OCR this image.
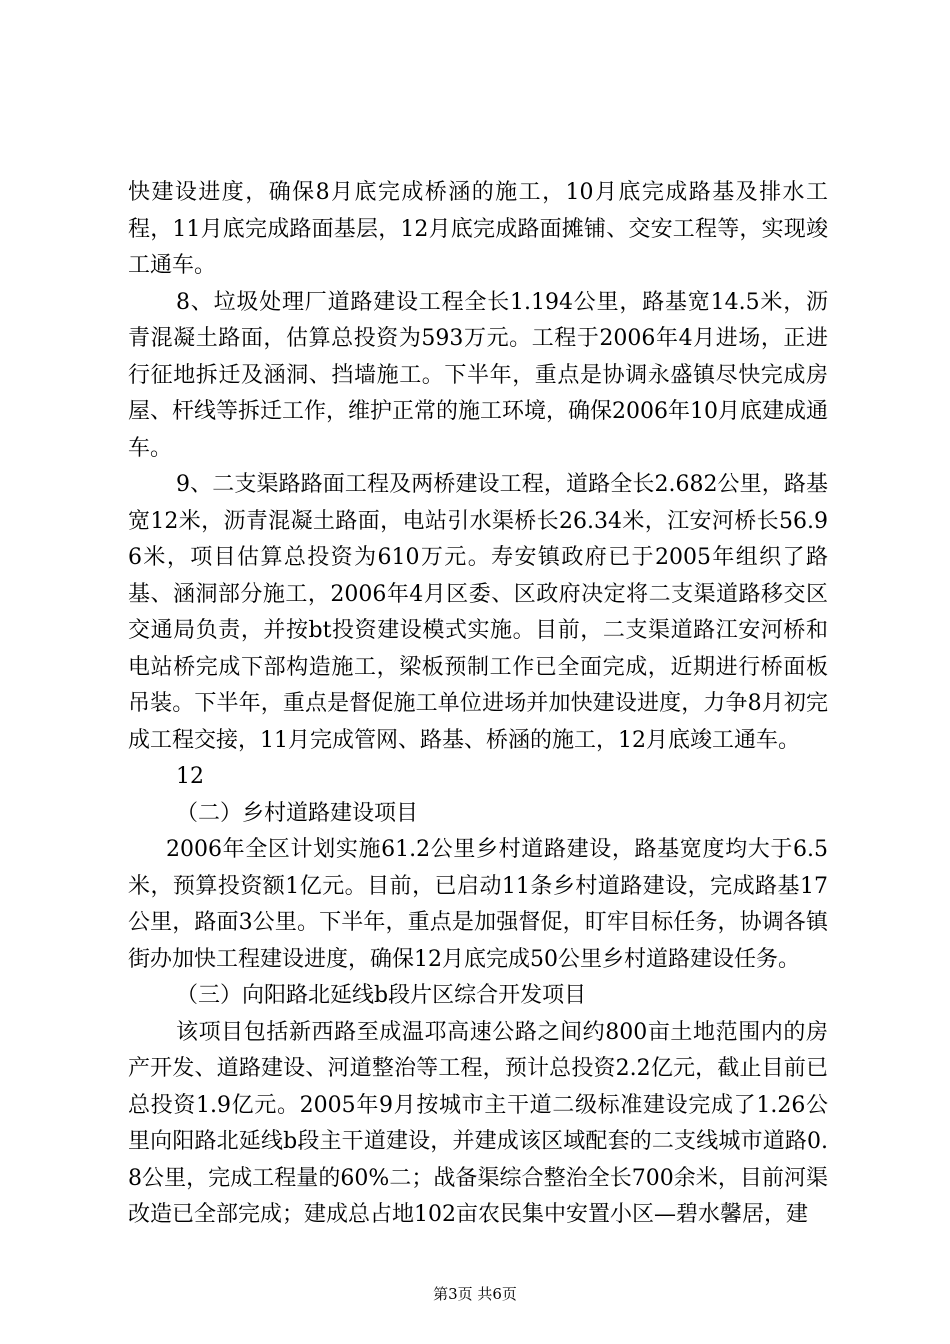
快建设进度，确保8月底完成桥涵的施工，10月底完成路基及排水工程，11月底完成路面基层，12月底完成路面摊铺、交安工程等，实现竣工通车。

8、垃圾处理厂道路建设工程全长1.194公里，路基宽14.5米，沥青混凝土路面，估算总投资为593万元。工程于2006年4月进场，正进行征地拆迁及涵洞、挡墙施工。下半年，重点是协调永盛镇尽快完成房屋、杆线等拆迁工作，维护正常的施工环境，确保2006年10月底建成通车。

9、二支渠路路面工程及两桥建设工程，道路全长2.682公里，路基宽12米，沥青混凝土路面，电站引水渠桥长26.34米，江安河桥长56.96米，项目估算总投资为610万元。寿安镇政府已于2005年组织了路基、涵洞部分施工，2006年4月区委、区政府决定将二支渠道路移交区交通局负责，并按bt投资建设模式实施。目前，二支渠道路江安河桥和电站桥完成下部构造施工，梁板预制工作已全面完成，近期进行桥面板吊装。下半年，重点是督促施工单位进场并加快建设进度，力争8月初完成工程交接，11月完成管网、路基、桥涵的施工，12月底竣工通车。

12

（二）乡村道路建设项目

2006年全区计划实施61.2公里乡村道路建设，路基宽度均大于6.5米，预算投资额1亿元。目前，已启动11条乡村道路建设，完成路基17公里，路面3公里。下半年，重点是加强督促，盯牢目标任务，协调各镇街办加快工程建设进度，确保12月底完成50公里乡村道路建设任务。

（三）向阳路北延线b段片区综合开发项目

该项目包括新西路至成温邛高速公路之间约800亩土地范围内的房产开发、道路建设、河道整治等工程，预计总投资2.2亿元，截止目前已总投资1.9亿元。2005年9月按城市主干道二级标准建设完成了1.26公里向阳路北延线b段主干道建设，并建成该区域配套的二支线城市道路0.8公里，完成工程量的60%二；战备渠综合整治全长700余米，目前河渠改造已全部完成；建成总占地102亩农民集中安置小区—碧水馨居，建

第3页 共6页
